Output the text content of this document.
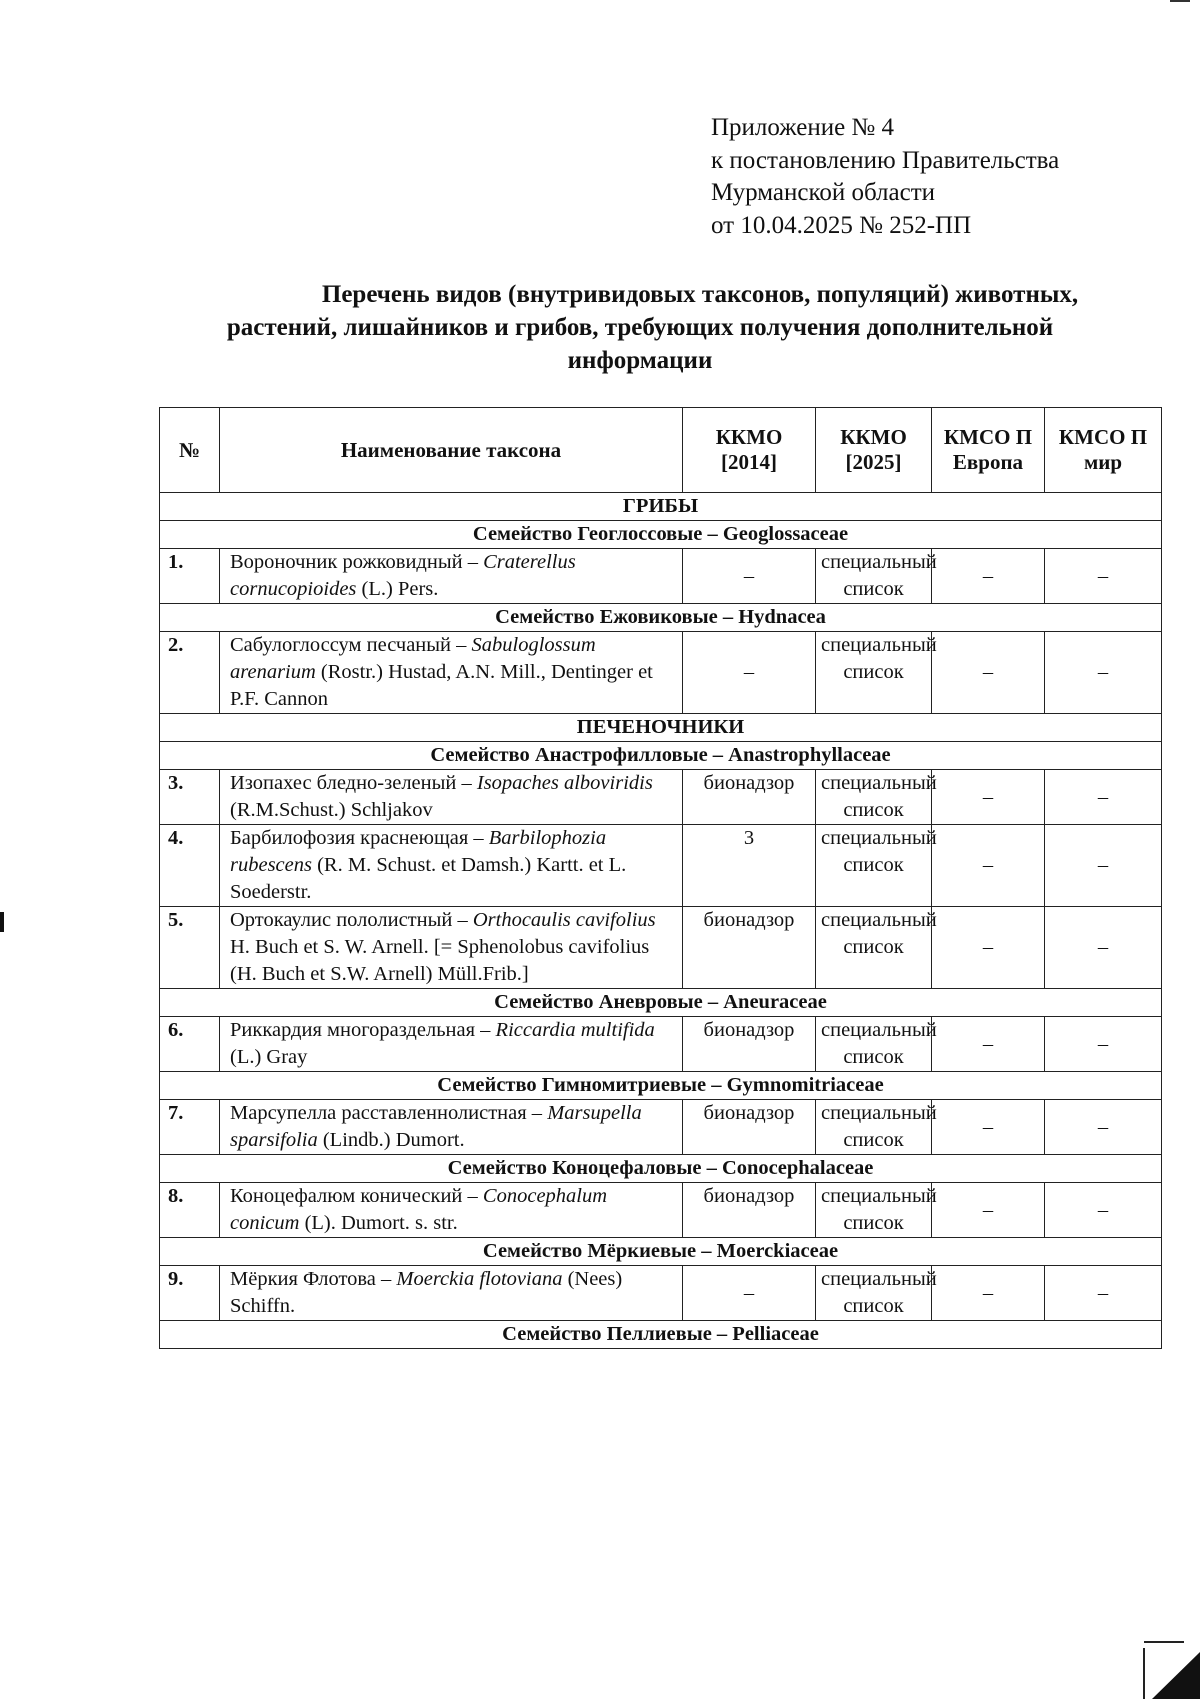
Приложение № 4
к постановлению Правительства
Мурманской области
от 10.04.2025 № 252-ПП
Перечень видов (внутривидовых таксонов, популяций) животных,
растений, лишайников и грибов, требующих получения дополнительной
информации
№	Наименование таксона	ККМО [2014]	ККМО [2025]	КМСО П Европа	КМСО П мир
ГРИБЫ					
Семейство Геоглоссовые – Geoglossaceae					
1.	Вороночник рожковидный – Craterellus cornucopioides (L.) Pers.	–	специальный список	–	–
Семейство Ежовиковые – Hydnacea					
2.	Сабулоглоссум песчаный – Sabuloglossum arenarium (Rostr.) Hustad, A.N. Mill., Dentinger et P.F. Cannon	–	специальный список	–	–
ПЕЧЕНОЧНИКИ					
Семейство Анастрофилловые – Anastrophyllaceae					
3.	Изопахес бледно-зеленый – Isopaches alboviridis (R.M.Schust.) Schljakov	бионадзор	специальный список	–	–
4.	Барбилофозия краснеющая – Barbilophozia rubescens (R. M. Schust. et Damsh.) Kartt. et L. Soederstr.	3	специальный список	–	–
5.	Ортокаулис пололистный – Orthocaulis cavifolius H. Buch et S. W. Arnell. [= Sphenolobus cavifolius (H. Buch et S.W. Arnell) Müll.Frib.]	бионадзор	специальный список	–	–
Семейство Аневровые – Aneuraceae					
6.	Риккардия многораздельная – Riccardia multifida (L.) Gray	бионадзор	специальный список	–	–
Семейство Гимномитриевые – Gymnomitriaceae					
7.	Марсупелла расставленнолистная – Marsupella sparsifolia (Lindb.) Dumort.	бионадзор	специальный список	–	–
Семейство Коноцефаловые – Conocephalaceae					
8.	Коноцефалюм конический – Conocephalum conicum (L). Dumort. s. str.	бионадзор	специальный список	–	–
Семейство Мёркиевые – Moerckiaceae					
9.	Мёркия Флотова – Moerckia flotoviana (Nees) Schiffn.	–	специальный список	–	–
Семейство Пеллиевые – Pelliaceae					
